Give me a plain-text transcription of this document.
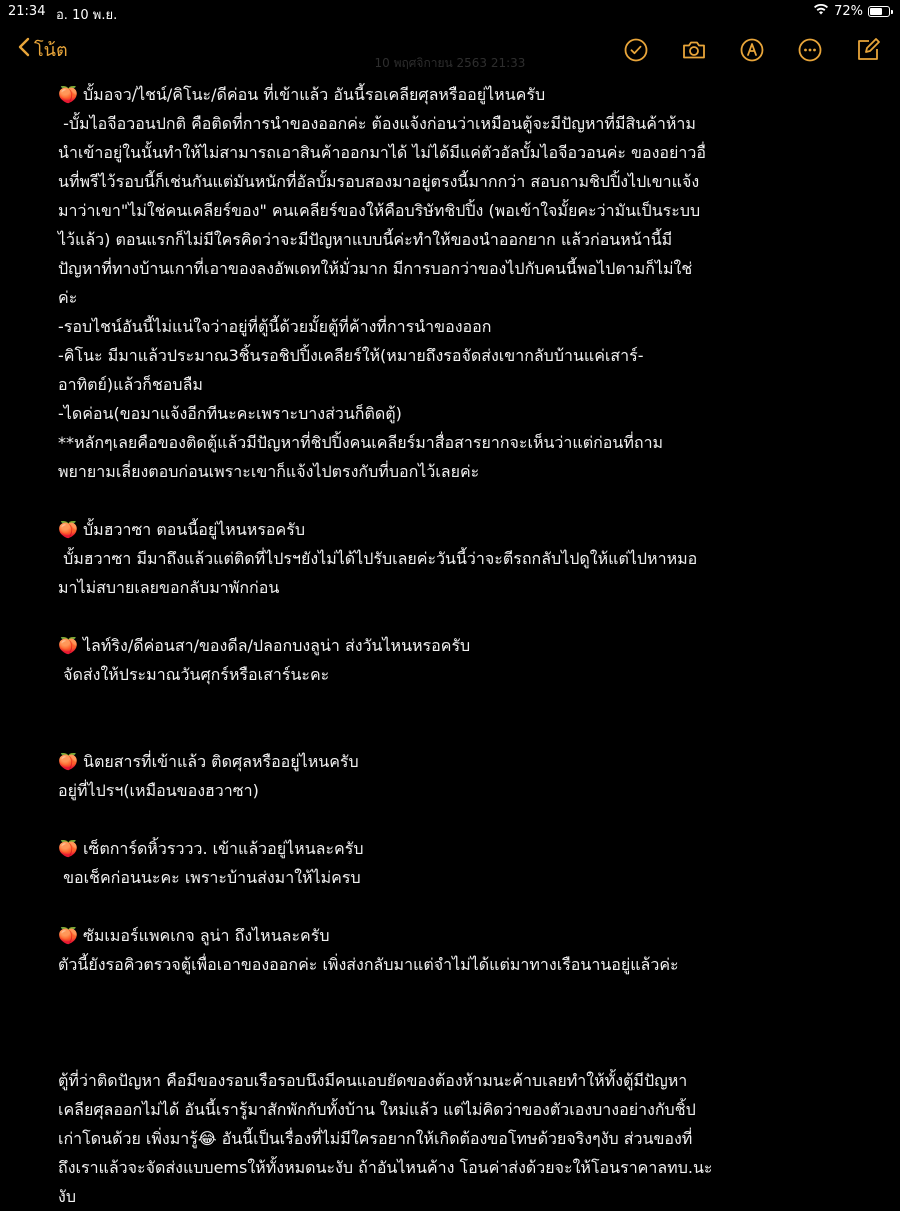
21:34 อ. 10 พ.ย.	72%
โน้ต
10 พฤศจิกายน 2563 21:33

🍑 บั้มอจว/ไชน์/คิโนะ/ดีค่อน ที่เข้าแล้ว อันนี้รอเคลียศุลหรืออยู่ไหนครับ

-บั้มไอจีอวอนปกติ คือติดที่การนำของออกค่ะ ต้องแจ้งก่อนว่าเหมือนตู้จะมีปัญหาที่มีสินค้าห้าม

นำเข้าอยู่ในนั้นทำให้ไม่สามารถเอาสินค้าออกมาได้ ไม่ได้มีแค่ตัวอัลบั้มไอจีอวอนค่ะ ของอย่าวอื่

นที่พรีไว้รอบนี้ก็เช่นกันแต่มันหนักที่อัลบั้มรอบสองมาอยู่ตรงนี้มากกว่า สอบถามชิปปิ้งไปเขาแจ้ง

มาว่าเขา"ไม่ใช่คนเคลียร์ของ" คนเคลียร์ของให้คือบริษัทชิปปิ้ง (พอเข้าใจมั้ยคะว่ามันเป็นระบบ

ไว้แล้ว) ตอนแรกก็ไม่มีใครคิดว่าจะมีปัญหาแบบนี้ค่ะทำให้ของนำออกยาก แล้วก่อนหน้านี้มี

ปัญหาที่ทางบ้านเกาที่เอาของลงอัพเดทให้มั่วมาก มีการบอกว่าของไปกับคนนี้พอไปตามก็ไม่ใช่

ค่ะ

-รอบไชน์อันนี้ไม่แน่ใจว่าอยู่ที่ตู้นี้ด้วยมั้ยตู้ที่ค้างที่การนำของออก

-คิโนะ มีมาแล้วประมาณ3ชิ้นรอชิปปิ้งเคลียร์ให้(หมายถึงรอจัดส่งเขากลับบ้านแค่เสาร์-

อาทิตย์)แล้วก็ชอบลืม

-ไดค่อน(ขอมาแจ้งอีกทีนะคะเพราะบางส่วนก็ติดตู้)

**หลักๆเลยคือของติดตู้แล้วมีปัญหาที่ชิปปิ้งคนเคลียร์มาสื่อสารยากจะเห็นว่าแต่ก่อนที่ถาม

พยายามเลี่ยงตอบก่อนเพราะเขาก็แจ้งไปตรงกับที่บอกไว้เลยค่ะ

🍑 บั้มฮวาซา ตอนนี้อยู่ไหนหรอครับ

บั้มฮวาซา มีมาถึงแล้วแต่ติดที่ไปรฯยังไม่ได้ไปรับเลยค่ะวันนี้ว่าจะตีรถกลับไปดูให้แต่ไปหาหมอ

มาไม่สบายเลยขอกลับมาพักก่อน

🍑 ไลท์ริง/ดีค่อนสา/ของดีล/ปลอกบงลูน่า ส่งวันไหนหรอครับ

จัดส่งให้ประมาณวันศุกร์หรือเสาร์นะคะ

🍑 นิตยสารที่เข้าแล้ว ติดศุลหรืออยู่ไหนครับ

อยู่ที่ไปรฯ(เหมือนของฮวาซา)

🍑 เซ็ตการ์ดหิ้วรววว. เข้าแล้วอยู่ไหนละครับ

ขอเช็คก่อนนะคะ เพราะบ้านส่งมาให้ไม่ครบ

🍑 ซัมเมอร์แพคเกจ ลูน่า ถึงไหนละครับ

ตัวนี้ยังรอคิวตรวจตู้เพื่อเอาของออกค่ะ เพิ่งส่งกลับมาแต่จำไม่ได้แต่มาทางเรือนานอยู่แล้วค่ะ

ตู้ที่ว่าติดปัญหา คือมีของรอบเรือรอบนึงมีคนแอบยัดของต้องห้ามนะค้าบเลยทำให้ทั้งตู้มีปัญหา

เคลียศุลออกไม่ได้ อันนี้เรารู้มาสักพักกับทั้งบ้าน ใหม่แล้ว แต่ไม่คิดว่าของตัวเองบางอย่างกับชิ้ป

เก่าโดนด้วย เพิ่งมารู้😂 อันนี้เป็นเรื่องที่ไม่มีใครอยากให้เกิดต้องขอโทษด้วยจริงๆงับ ส่วนของที่

ถึงเราแล้วจะจัดส่งแบบemsให้ทั้งหมดนะงับ ถ้าอันไหนค้าง โอนค่าส่งด้วยจะให้โอนราคาลทบ.นะ

งับ
